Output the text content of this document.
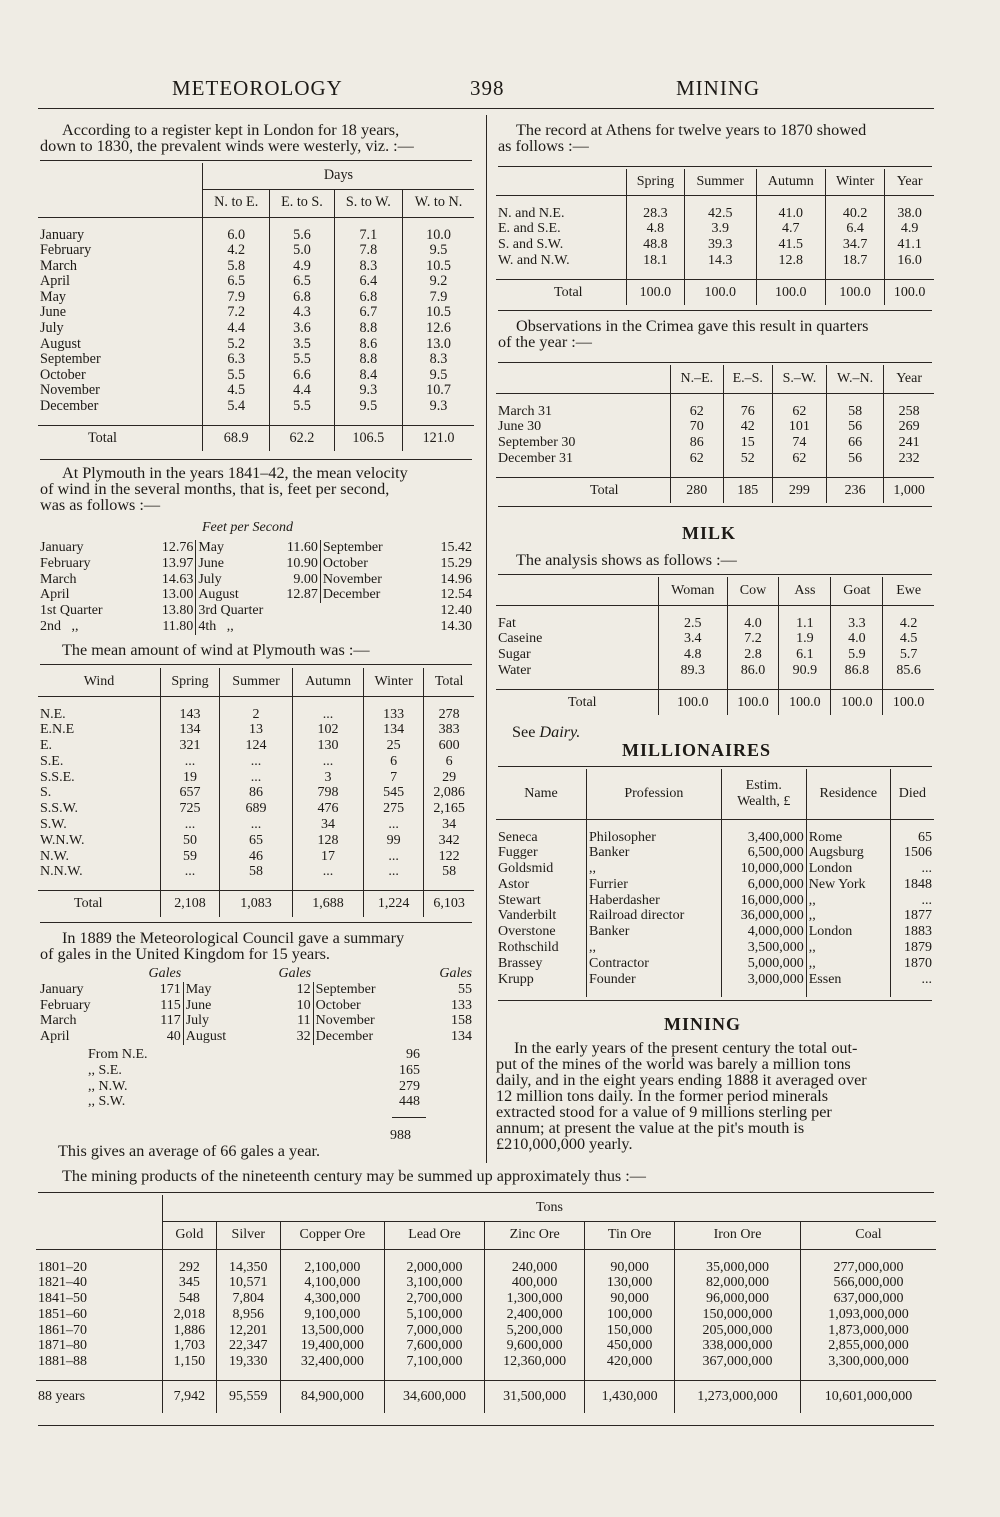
METEOROLOGY	398	MINING
According to a register kept in London for 18 years,
down to 1830, the prevalent winds were westerly, viz. :—
	Days			
	N. to E.	E. to S.	S. to W.	W. to N.

January	6.0	5.6	7.1	10.0
February	4.2	5.0	7.8	9.5
March	5.8	4.9	8.3	10.5
April	6.5	6.5	6.4	9.2
May	7.9	6.8	6.8	7.9
June	7.2	4.3	6.7	10.5
July	4.4	3.6	8.8	12.6
August	5.2	3.5	8.6	13.0
September	6.3	5.5	8.8	8.3
October	5.5	6.6	8.4	9.5
November	4.5	4.4	9.3	10.7
December	5.4	5.5	9.5	9.3

Total	68.9	62.2	106.5	121.0
At Plymouth in the years 1841–42, the mean velocity
of wind in the several months, that is, feet per second,
was as follows :—
Feet per Second
January	12.76	May	11.60	September	15.42
February	13.97	June	10.90	October	15.29
March	14.63	July	9.00	November	14.96
April	13.00	August	12.87	December	12.54
1st Quarter	13.80	3rd Quarter			12.40
2nd ,,	11.80	4th ,,			14.30
The mean amount of wind at Plymouth was :—
Wind	Spring	Summer	Autumn	Winter	Total

N.E.	143	2	...	133	278
E.N.E	134	13	102	134	383
E.	321	124	130	25	600
S.E.	...	...	...	6	6
S.S.E.	19	...	3	7	29
S.	657	86	798	545	2,086
S.S.W.	725	689	476	275	2,165
S.W.	...	...	34	...	34
W.N.W.	50	65	128	99	342
N.W.	59	46	17	...	122
N.N.W.	...	58	...	...	58

Total	2,108	1,083	1,688	1,224	6,103
In 1889 the Meteorological Council gave a summary
of gales in the United Kingdom for 15 years.
	Gales		Gales		Gales
January	171	May	12	September	55
February	115	June	10	October	133
March	117	July	11	November	158
April	40	August	32	December	134
From N.E.	96
,, S.E.	165
,, N.W.	279
,, S.W.	448
988
This gives an average of 66 gales a year.
The record at Athens for twelve years to 1870 showed
as follows :—
	Spring	Summer	Autumn	Winter	Year

N. and N.E.	28.3	42.5	41.0	40.2	38.0
E. and S.E.	4.8	3.9	4.7	6.4	4.9
S. and S.W.	48.8	39.3	41.5	34.7	41.1
W. and N.W.	18.1	14.3	12.8	18.7	16.0

Total	100.0	100.0	100.0	100.0	100.0
Observations in the Crimea gave this result in quarters
of the year :—
	N.–E.	E.–S.	S.–W.	W.–N.	Year

March 31	62	76	62	58	258
June 30	70	42	101	56	269
September 30	86	15	74	66	241
December 31	62	52	62	56	232

Total	280	185	299	236	1,000
MILK
The analysis shows as follows :—
	Woman	Cow	Ass	Goat	Ewe

Fat	2.5	4.0	1.1	3.3	4.2
Caseine	3.4	7.2	1.9	4.0	4.5
Sugar	4.8	2.8	6.1	5.9	5.7
Water	89.3	86.0	90.9	86.8	85.6

Total	100.0	100.0	100.0	100.0	100.0
See Dairy.
MILLIONAIRES
Name	Profession	Estim. Wealth, £	Residence	Died

Seneca	Philosopher	3,400,000	Rome	65
Fugger	Banker	6,500,000	Augsburg	1506
Goldsmid	,,	10,000,000	London	...
Astor	Furrier	6,000,000	New York	1848
Stewart	Haberdasher	16,000,000	,,	...
Vanderbilt	Railroad director	36,000,000	,,	1877
Overstone	Banker	4,000,000	London	1883
Rothschild	,,	3,500,000	,,	1879
Brassey	Contractor	5,000,000	,,	1870
Krupp	Founder	3,000,000	Essen	...

MINING
In the early years of the present century the total out-
put of the mines of the world was barely a million tons
daily, and in the eight years ending 1888 it averaged over
12 million tons daily. In the former period minerals
extracted stood for a value of 9 millions sterling per
annum; at present the value at the pit's mouth is
£210,000,000 yearly.
The mining products of the nineteenth century may be summed up approximately thus :—
	Tons							
	Gold	Silver	Copper Ore	Lead Ore	Zinc Ore	Tin Ore	Iron Ore	Coal

1801–20	292	14,350	2,100,000	2,000,000	240,000	90,000	35,000,000	277,000,000
1821–40	345	10,571	4,100,000	3,100,000	400,000	130,000	82,000,000	566,000,000
1841–50	548	7,804	4,300,000	2,700,000	1,300,000	90,000	96,000,000	637,000,000
1851–60	2,018	8,956	9,100,000	5,100,000	2,400,000	100,000	150,000,000	1,093,000,000
1861–70	1,886	12,201	13,500,000	7,000,000	5,200,000	150,000	205,000,000	1,873,000,000
1871–80	1,703	22,347	19,400,000	7,600,000	9,600,000	450,000	338,000,000	2,855,000,000
1881–88	1,150	19,330	32,400,000	7,100,000	12,360,000	420,000	367,000,000	3,300,000,000

88 years	7,942	95,559	84,900,000	34,600,000	31,500,000	1,430,000	1,273,000,000	10,601,000,000
